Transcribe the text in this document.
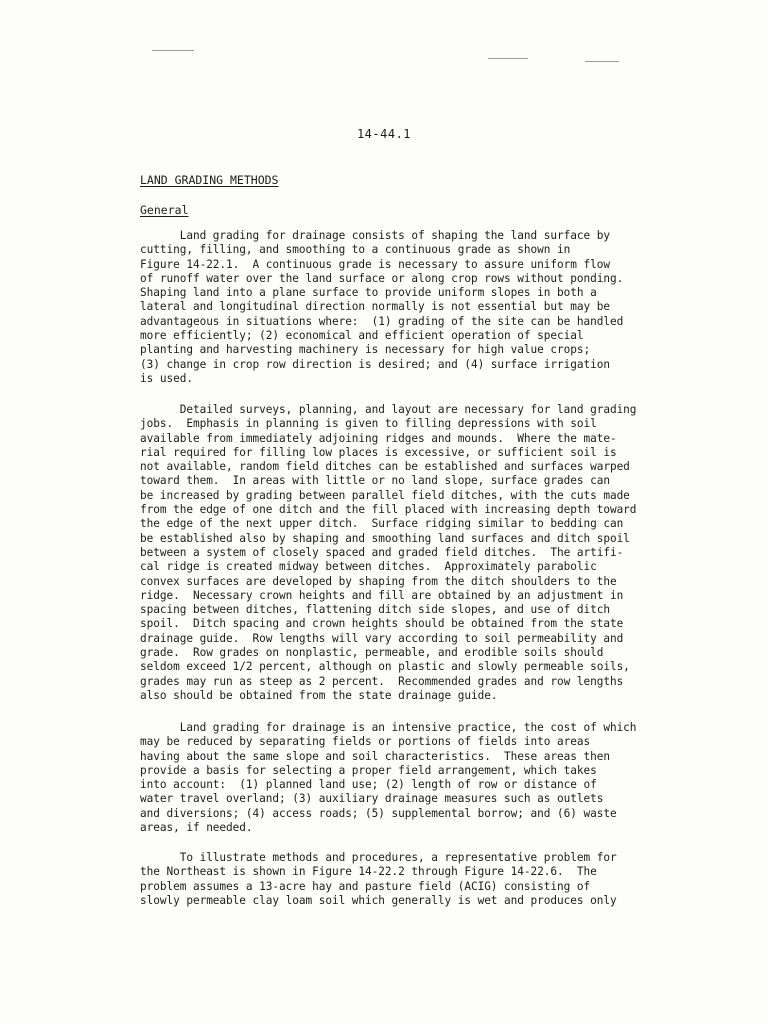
14-44.1
LAND GRADING METHODS
General

Land grading for drainage consists of shaping the land surface by
cutting, filling, and smoothing to a continuous grade as shown in
Figure 14-22.1.  A continuous grade is necessary to assure uniform flow
of runoff water over the land surface or along crop rows without ponding.
Shaping land into a plane surface to provide uniform slopes in both a
lateral and longitudinal direction normally is not essential but may be
advantageous in situations where:  (1) grading of the site can be handled
more efficiently; (2) economical and efficient operation of special
planting and harvesting machinery is necessary for high value crops;
(3) change in crop row direction is desired; and (4) surface irrigation
is used.

Detailed surveys, planning, and layout are necessary for land grading
jobs.  Emphasis in planning is given to filling depressions with soil
available from immediately adjoining ridges and mounds.  Where the mate-
rial required for filling low places is excessive, or sufficient soil is
not available, random field ditches can be established and surfaces warped
toward them.  In areas with little or no land slope, surface grades can
be increased by grading between parallel field ditches, with the cuts made
from the edge of one ditch and the fill placed with increasing depth toward
the edge of the next upper ditch.  Surface ridging similar to bedding can
be established also by shaping and smoothing land surfaces and ditch spoil
between a system of closely spaced and graded field ditches.  The artifi-
cal ridge is created midway between ditches.  Approximately parabolic
convex surfaces are developed by shaping from the ditch shoulders to the
ridge.  Necessary crown heights and fill are obtained by an adjustment in
spacing between ditches, flattening ditch side slopes, and use of ditch
spoil.  Ditch spacing and crown heights should be obtained from the state
drainage guide.  Row lengths will vary according to soil permeability and
grade.  Row grades on nonplastic, permeable, and erodible soils should
seldom exceed 1/2 percent, although on plastic and slowly permeable soils,
grades may run as steep as 2 percent.  Recommended grades and row lengths
also should be obtained from the state drainage guide.

Land grading for drainage is an intensive practice, the cost of which
may be reduced by separating fields or portions of fields into areas
having about the same slope and soil characteristics.  These areas then
provide a basis for selecting a proper field arrangement, which takes
into account:  (1) planned land use; (2) length of row or distance of
water travel overland; (3) auxiliary drainage measures such as outlets
and diversions; (4) access roads; (5) supplemental borrow; and (6) waste
areas, if needed.

To illustrate methods and procedures, a representative problem for
the Northeast is shown in Figure 14-22.2 through Figure 14-22.6.  The
problem assumes a 13-acre hay and pasture field (ACIG) consisting of
slowly permeable clay loam soil which generally is wet and produces only
